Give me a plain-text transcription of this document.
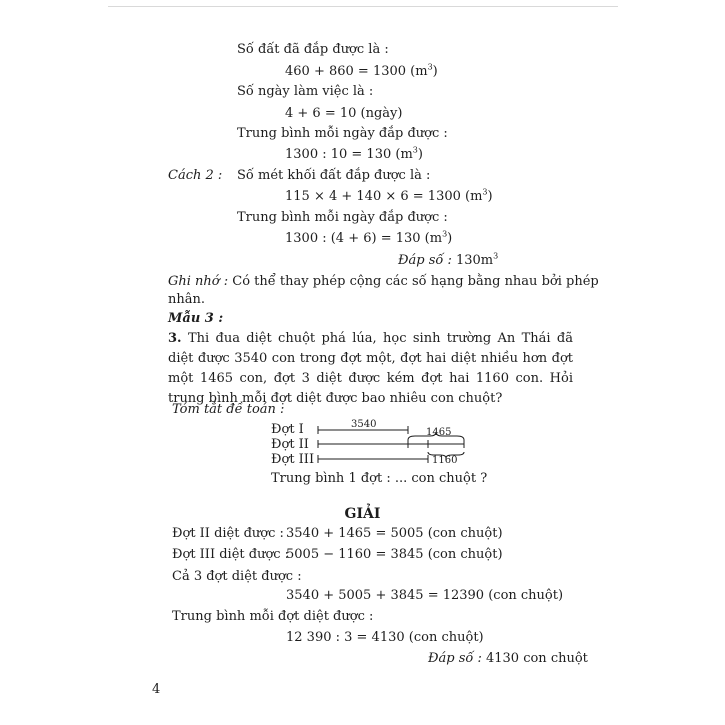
Số đất đã đắp được là :
460 + 860 = 1300 $(m^3)$
Số ngày làm việc là :
4 + 6 = 10 (ngày)
Trung bình mỗi ngày đắp được :
1300 : 10 = 130 $(m^3)$
Cách 2 : Số mét khối đất đắp được là :
115 × 4 + 140 × 6 = 1300 $(m^3)$
Trung bình mỗi ngày đắp được :
1300 : (4 + 6) = 130 $(m^3)$
Đáp số : $130m^3$
Ghi nhớ : Có thể thay phép cộng các số hạng bằng nhau bởi phép
nhân.
Mẫu 3 :
3. Thi đua diệt chuột phá lúa, học sinh trường An Thái đã diệt được 3540 con trong đợt một, đợt hai diệt nhiều hơn đợt một 1465 con, đợt 3 diệt được kém đợt hai 1160 con. Hỏi trung bình mỗi đợt diệt được bao nhiêu con chuột?
Tóm tắt đề toán :
Đợt I
Đợt II
Đợt III
3540
1465
1160
Trung bình 1 đợt : ... con chuột ?
GIẢI
Đợt II diệt được : 3540 + 1465 = 5005 (con chuột)
Đợt III diệt được :
5005 − 1160 = 3845 (con chuột)
Cả 3 đợt diệt được :
3540 + 5005 + 3845 = 12390 (con chuột)
Trung bình mỗi đợt diệt được :
12 390 : 3 = 4130 (con chuột)
Đáp số : 4130 con chuột
4
